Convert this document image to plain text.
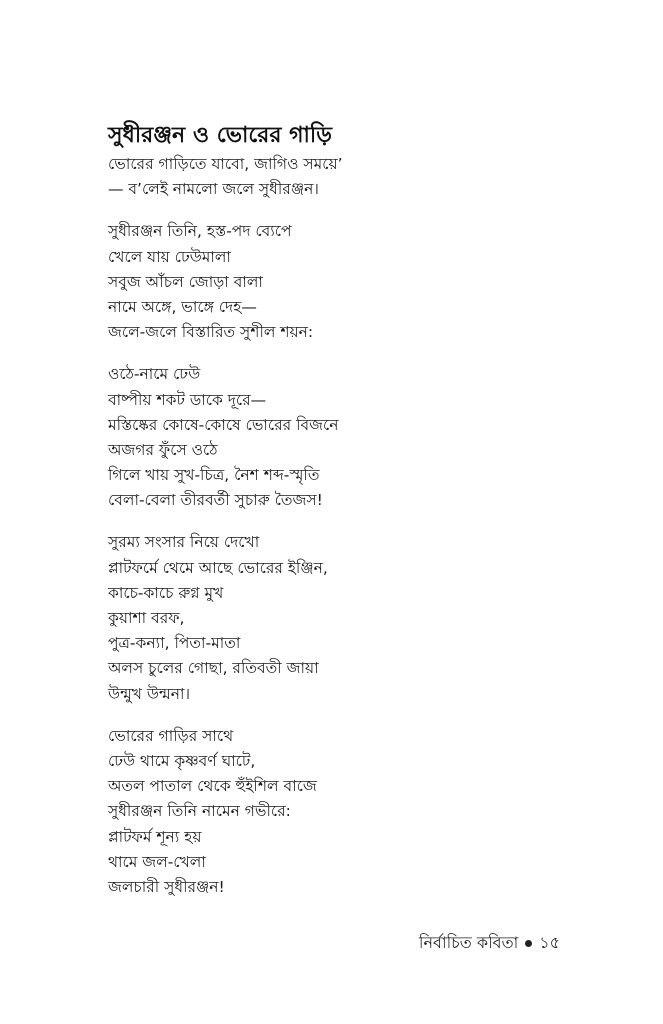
সুধীরঞ্জন ও ভোরের গাড়ি
ভোরের গাড়িতে যাবো, জাগিও সময়ে’
— ব’লেই নামলো জলে সুধীরঞ্জন।
সুধীরঞ্জন তিনি, হস্ত-পদ ব্যেপে
খেলে যায় ঢেউমালা
সবুজ আঁচল জোড়া বালা
নামে অঙ্গে, ভাঙ্গে দেহ—
জলে-জলে বিস্তারিত সুশীল শয়ন:
ওঠে-নামে ঢেউ
বাষ্পীয় শকট ডাকে দূরে—
মস্তিষ্কের কোষে-কোষে ভোরের বিজনে
অজগর ফুঁসে ওঠে
গিলে খায় সুখ-চিত্র, নৈশ শব্দ-স্মৃতি
বেলা-বেলা তীরবর্তী সুচারু তৈজস!
সুরম্য সংসার নিয়ে দেখো
প্লাটফর্মে থেমে আছে ভোরের ইঞ্জিন,
কাচে-কাচে রুগ্ন মুখ
কুয়াশা বরফ,
পুত্র-কন্যা, পিতা-মাতা
অলস চুলের গোছা, রতিবতী জায়া
উন্মুখ উন্মনা।
ভোরের গাড়ির সাথে
ঢেউ থামে কৃষ্ণবর্ণ ঘাটে,
অতল পাতাল থেকে হুঁইশিল বাজে
সুধীরঞ্জন তিনি নামেন গভীরে:
প্লাটফর্ম শূন্য হয়
থামে জল-খেলা
জলচারী সুধীরঞ্জন!
নির্বাচিত কবিতা ১৫
